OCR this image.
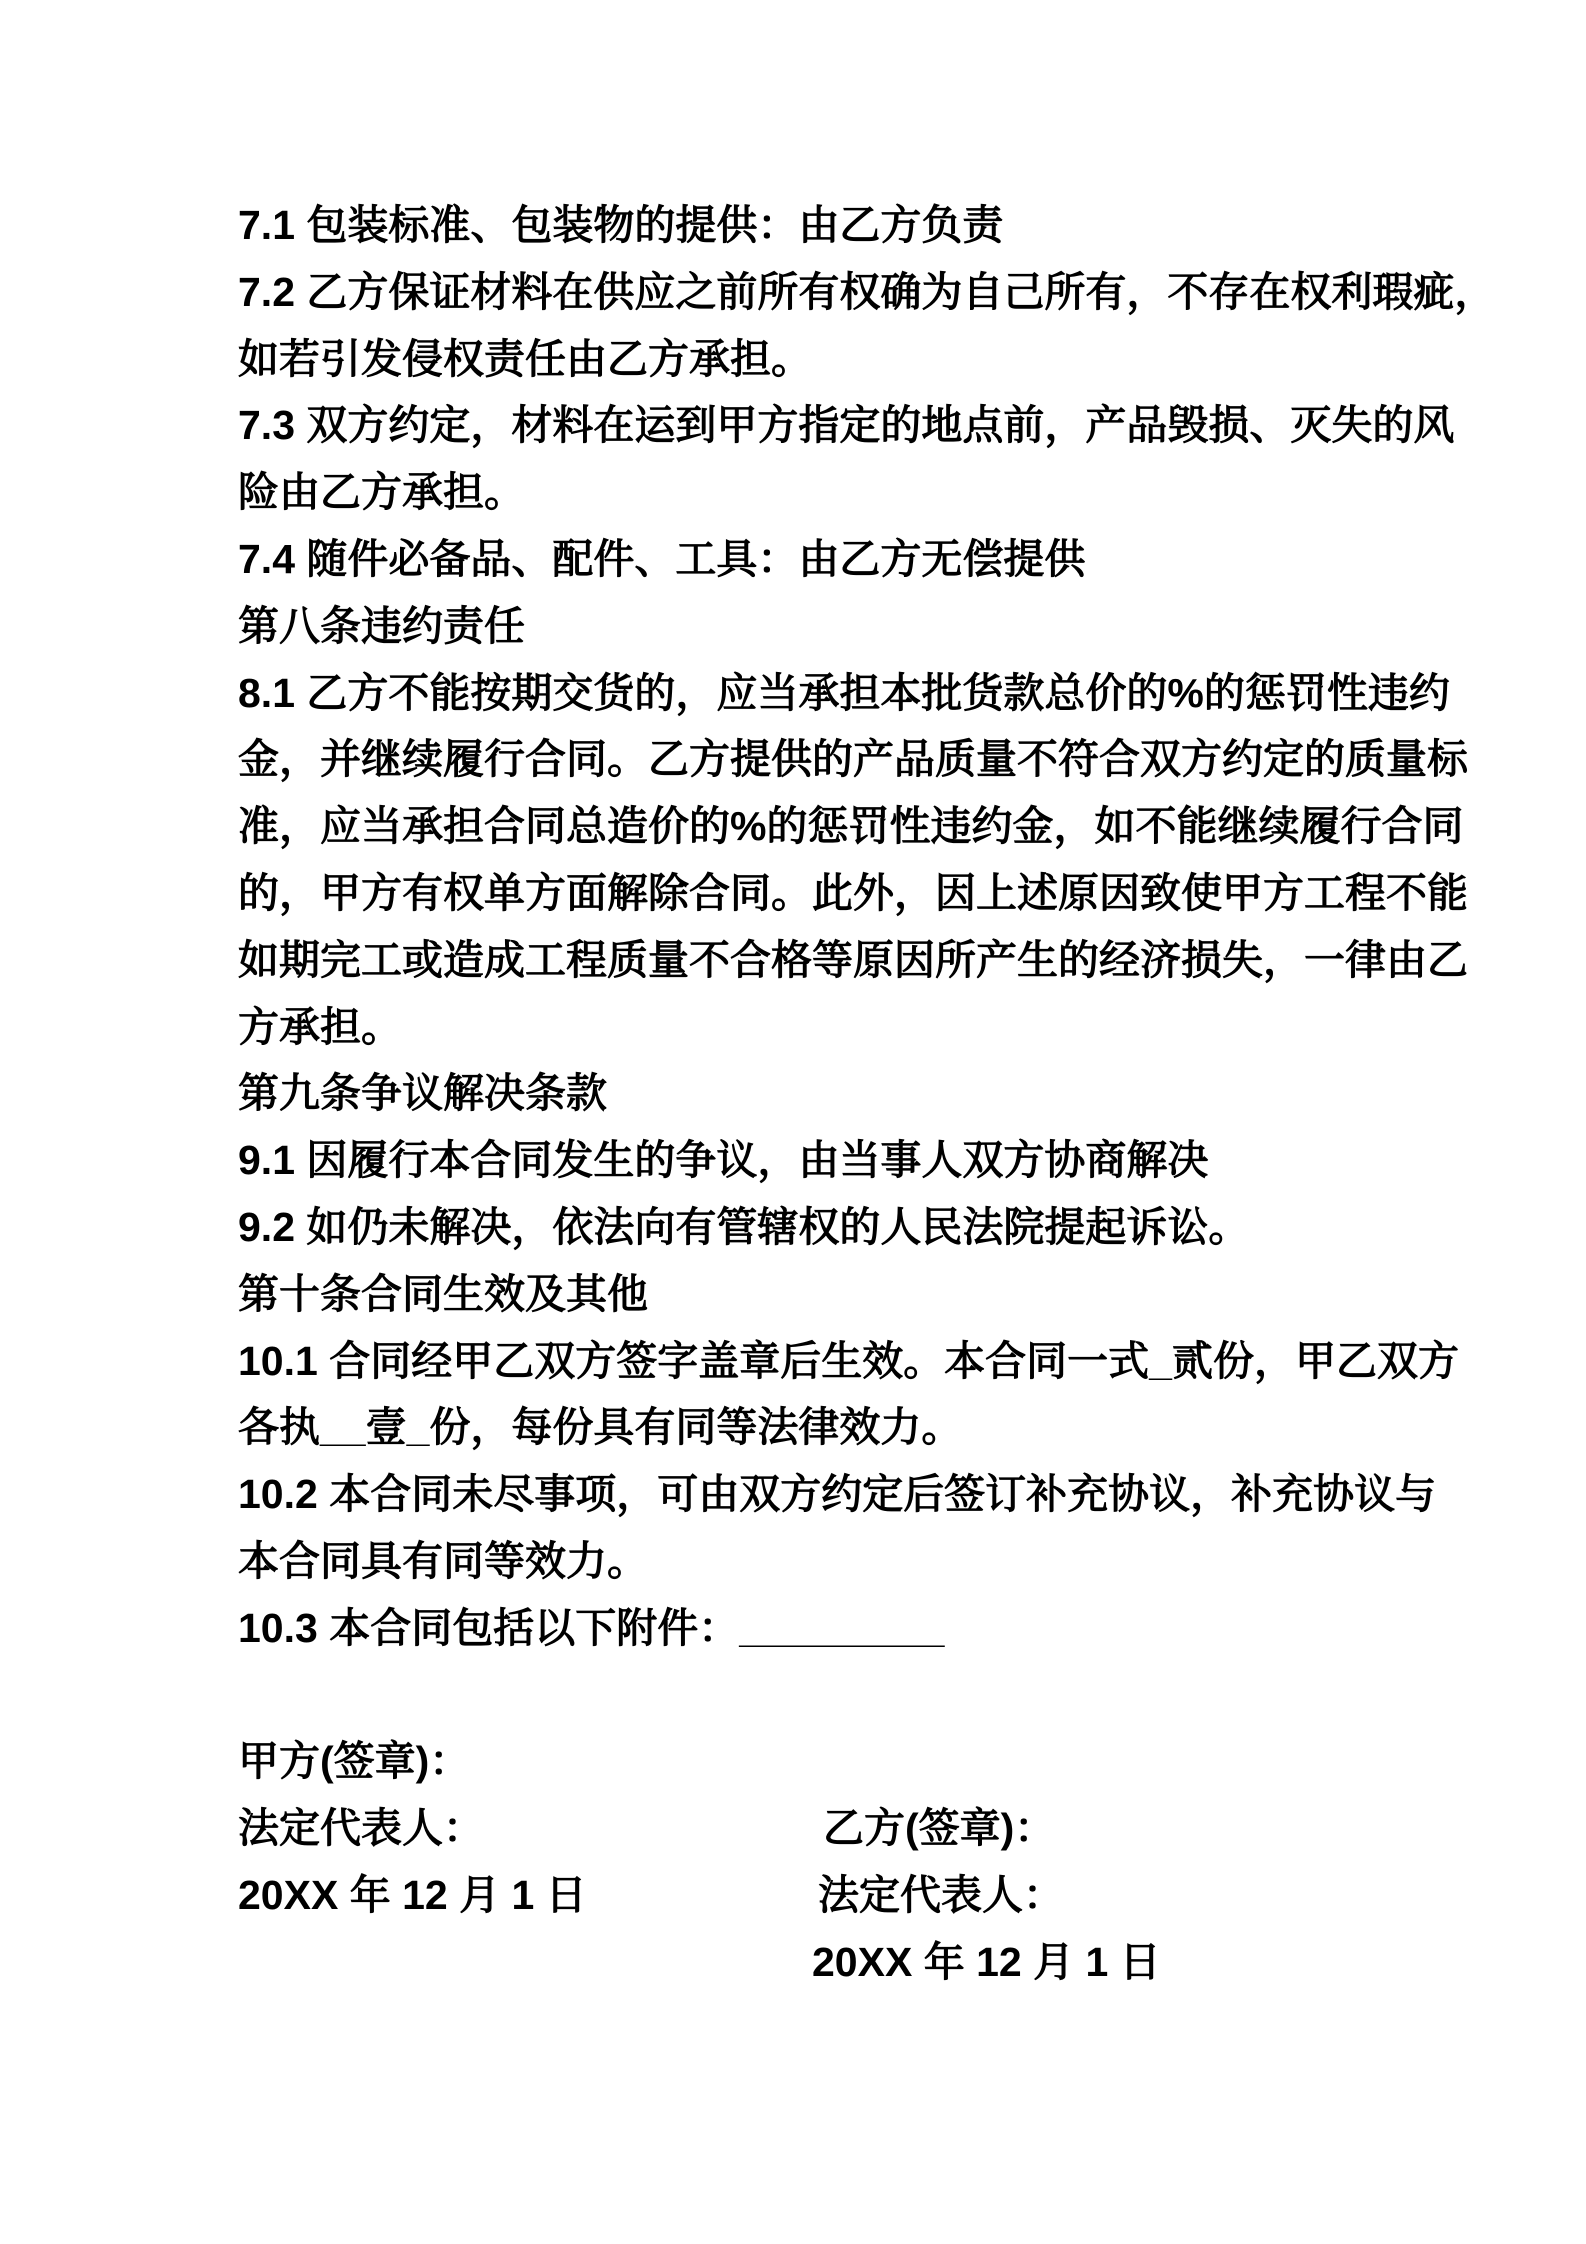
7.1 包装标准、包装物的提供：由乙方负责
7.2 乙方保证材料在供应之前所有权确为自己所有，不存在权利瑕疵，
如若引发侵权责任由乙方承担。
7.3 双方约定，材料在运到甲方指定的地点前，产品毁损、灭失的风
险由乙方承担。
7.4 随件必备品、配件、工具：由乙方无偿提供
第八条违约责任
8.1 乙方不能按期交货的，应当承担本批货款总价的%的惩罚性违约
金，并继续履行合同。乙方提供的产品质量不符合双方约定的质量标
准，应当承担合同总造价的%的惩罚性违约金，如不能继续履行合同
的，甲方有权单方面解除合同。此外，因上述原因致使甲方工程不能
如期完工或造成工程质量不合格等原因所产生的经济损失，一律由乙
方承担。
第九条争议解决条款
9.1 因履行本合同发生的争议，由当事人双方协商解决
9.2 如仍未解决，依法向有管辖权的人民法院提起诉讼。
第十条合同生效及其他
10.1 合同经甲乙双方签字盖章后生效。本合同一式_贰份，甲乙双方
各执__壹_份，每份具有同等法律效力。
10.2 本合同未尽事项，可由双方约定后签订补充协议，补充协议与
本合同具有同等效力。
10.3 本合同包括以下附件：_________

甲方(签章)：

乙方(签章)：

法定代表人：

法定代表人：

20XX 年 12 月 1 日

20XX 年 12 月 1 日
